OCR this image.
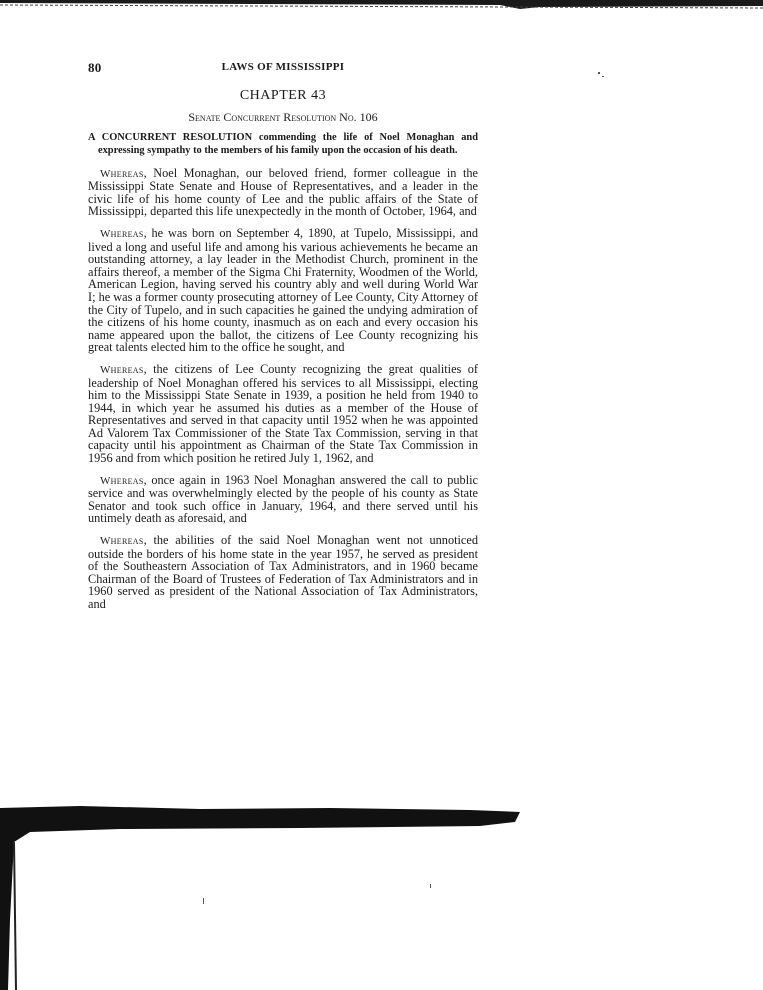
80	LAWS OF MISSISSIPPI
CHAPTER 43
Senate Concurrent Resolution No. 106
A CONCURRENT RESOLUTION commending the life of Noel Monaghan and expressing sympathy to the members of his family upon the occasion of his death.

Whereas, Noel Monaghan, our beloved friend, former colleague in the Mississippi State Senate and House of Representatives, and a leader in the civic life of his home county of Lee and the public affairs of the State of Mississippi, departed this life unexpectedly in the month of October, 1964, and

Whereas, he was born on September 4, 1890, at Tupelo, Mississippi, and lived a long and useful life and among his various achievements he became an outstanding attorney, a lay leader in the Methodist Church, prominent in the affairs thereof, a member of the Sigma Chi Fraternity, Woodmen of the World, American Legion, having served his country ably and well during World War I; he was a former county prosecuting attorney of Lee County, City Attorney of the City of Tupelo, and in such capacities he gained the undying admiration of the citizens of his home county, inasmuch as on each and every occasion his name appeared upon the ballot, the citizens of Lee County recognizing his great talents elected him to the office he sought, and

Whereas, the citizens of Lee County recognizing the great qualities of leadership of Noel Monaghan offered his services to all Mississippi, electing him to the Mississippi State Senate in 1939, a position he held from 1940 to 1944, in which year he assumed his duties as a member of the House of Representatives and served in that capacity until 1952 when he was appointed Ad Valorem Tax Commissioner of the State Tax Commission, serving in that capacity until his appointment as Chairman of the State Tax Commission in 1956 and from which position he retired July 1, 1962, and

Whereas, once again in 1963 Noel Monaghan answered the call to public service and was overwhelmingly elected by the people of his county as State Senator and took such office in January, 1964, and there served until his untimely death as aforesaid, and

Whereas, the abilities of the said Noel Monaghan went not unnoticed outside the borders of his home state in the year 1957, he served as president of the Southeastern Association of Tax Administrators, and in 1960 became Chairman of the Board of Trustees of Federation of Tax Administrators and in 1960 served as president of the National Association of Tax Administrators, and
